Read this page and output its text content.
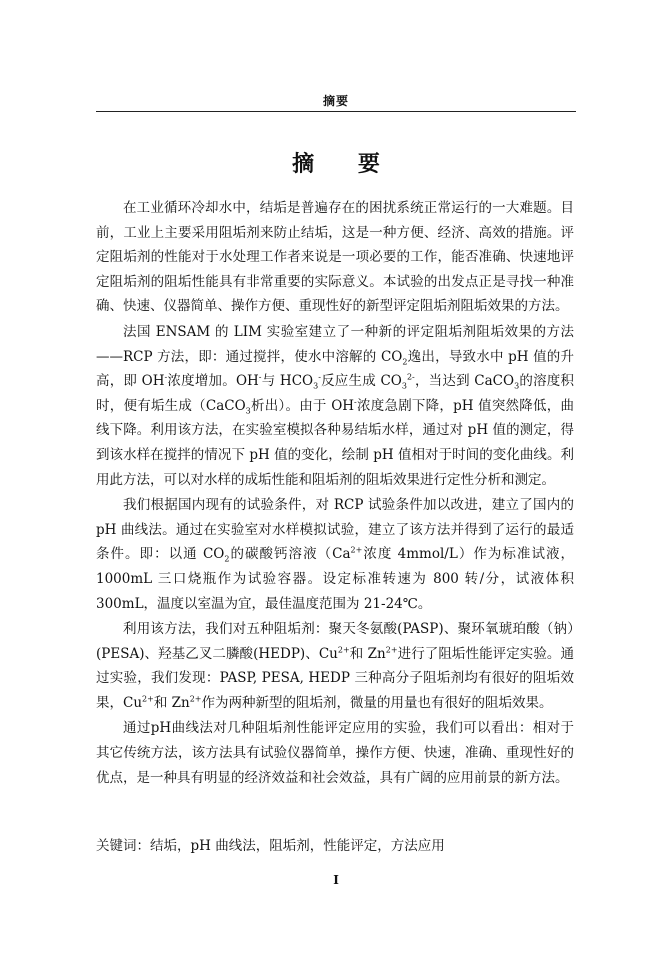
摘要
摘 要

在工业循环冷却水中，结垢是普遍存在的困扰系统正常运行的一大难题。目前，工业上主要采用阻垢剂来防止结垢，这是一种方便、经济、高效的措施。评定阻垢剂的性能对于水处理工作者来说是一项必要的工作，能否准确、快速地评定阻垢剂的阻垢性能具有非常重要的实际意义。本试验的出发点正是寻找一种准确、快速、仪器简单、操作方便、重现性好的新型评定阻垢剂阻垢效果的方法。

法国 ENSAM 的 LIM 实验室建立了一种新的评定阻垢剂阻垢效果的方法——RCP 方法，即：通过搅拌，使水中溶解的 $CO_2$逸出，导致水中 pH 值的升高，即 OH-浓度增加。OH-与 $HCO_3^-$反应生成 $CO_3^{2-}$，当达到 CaCO$_3$的溶度积时，便有垢生成（CaCO$_3$析出）。由于 OH-浓度急剧下降，pH 值突然降低，曲线下降。利用该方法，在实验室模拟各种易结垢水样，通过对 pH 值的测定，得到该水样在搅拌的情况下 pH 值的变化，绘制 pH 值相对于时间的变化曲线。利用此方法，可以对水样的成垢性能和阻垢剂的阻垢效果进行定性分析和测定。

我们根据国内现有的试验条件，对 RCP 试验条件加以改进，建立了国内的 pH 曲线法。通过在实验室对水样模拟试验，建立了该方法并得到了运行的最适条件。即：以通 $CO_2$的碳酸钙溶液（$Ca^{2+}$浓度 4mmol/L）作为标准试液，1000mL 三口烧瓶作为试验容器。设定标准转速为 800 转/分，试液体积 300mL，温度以室温为宜，最佳温度范围为 21-24℃。

利用该方法，我们对五种阻垢剂：聚天冬氨酸(PASP)、聚环氧琥珀酸（钠）(PESA)、羟基乙叉二膦酸(HEDP)、$Cu^{2+}$和 $Zn^{2+}$进行了阻垢性能评定实验。通过实验，我们发现：PASP, PESA, HEDP 三种高分子阻垢剂均有很好的阻垢效果，$Cu^{2+}$和 $Zn^{2+}$作为两种新型的阻垢剂，微量的用量也有很好的阻垢效果。

通过pH曲线法对几种阻垢剂性能评定应用的实验，我们可以看出：相对于其它传统方法，该方法具有试验仪器简单，操作方便、快速，准确、重现性好的优点，是一种具有明显的经济效益和社会效益，具有广阔的应用前景的新方法。

关键词：结垢，pH 曲线法，阻垢剂，性能评定，方法应用
I
